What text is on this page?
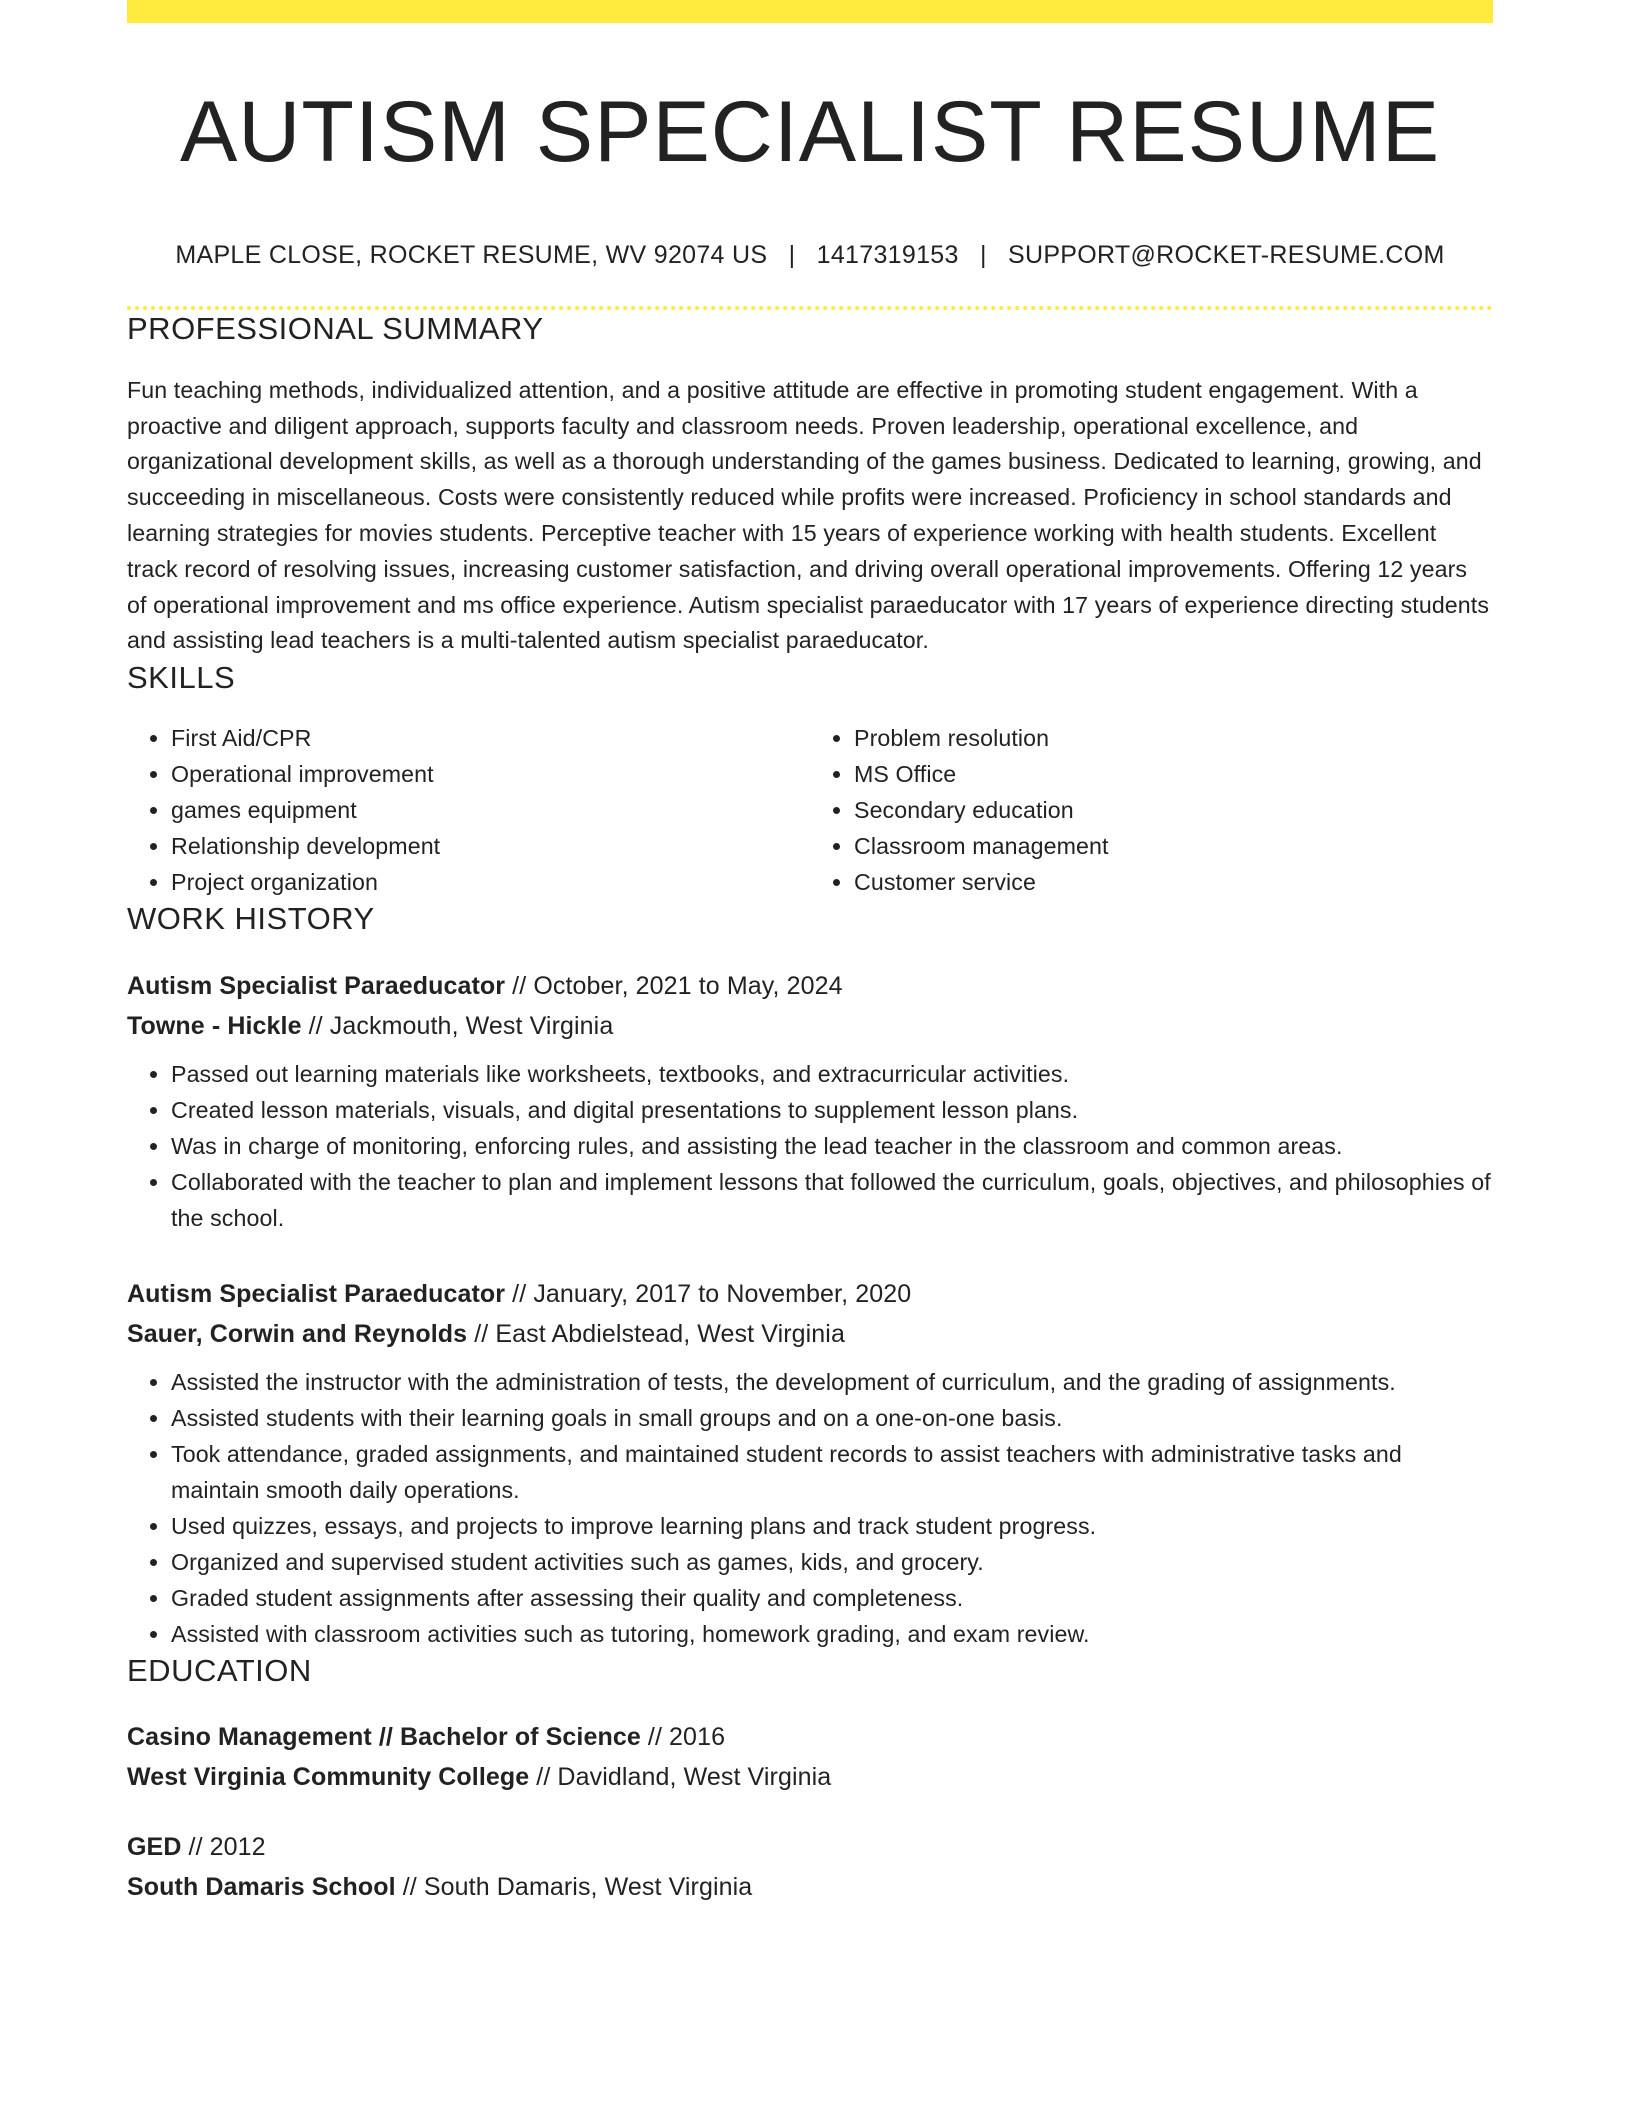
AUTISM SPECIALIST RESUME
MAPLE CLOSE, ROCKET RESUME, WV 92074 US | 1417319153 | SUPPORT@ROCKET-RESUME.COM
PROFESSIONAL SUMMARY

Fun teaching methods, individualized attention, and a positive attitude are effective in promoting student engagement. With a proactive and diligent approach, supports faculty and classroom needs. Proven leadership, operational excellence, and organizational development skills, as well as a thorough understanding of the games business. Dedicated to learning, growing, and succeeding in miscellaneous. Costs were consistently reduced while profits were increased. Proficiency in school standards and learning strategies for movies students. Perceptive teacher with 15 years of experience working with health students. Excellent track record of resolving issues, increasing customer satisfaction, and driving overall operational improvements. Offering 12 years of operational improvement and ms office experience. Autism specialist paraeducator with 17 years of experience directing students and assisting lead teachers is a multi-talented autism specialist paraeducator.

SKILLS
• First Aid/CPR
• Operational improvement
• games equipment
• Relationship development
• Project organization
• Problem resolution
• MS Office
• Secondary education
• Classroom management
• Customer service
WORK HISTORY
Autism Specialist Paraeducator // October, 2021 to May, 2024
Towne - Hickle // Jackmouth, West Virginia
• Passed out learning materials like worksheets, textbooks, and extracurricular activities.
• Created lesson materials, visuals, and digital presentations to supplement lesson plans.
• Was in charge of monitoring, enforcing rules, and assisting the lead teacher in the classroom and common areas.
• Collaborated with the teacher to plan and implement lessons that followed the curriculum, goals, objectives, and philosophies of the school.
Autism Specialist Paraeducator // January, 2017 to November, 2020
Sauer, Corwin and Reynolds // East Abdielstead, West Virginia
• Assisted the instructor with the administration of tests, the development of curriculum, and the grading of assignments.
• Assisted students with their learning goals in small groups and on a one-on-one basis.
• Took attendance, graded assignments, and maintained student records to assist teachers with administrative tasks and maintain smooth daily operations.
• Used quizzes, essays, and projects to improve learning plans and track student progress.
• Organized and supervised student activities such as games, kids, and grocery.
• Graded student assignments after assessing their quality and completeness.
• Assisted with classroom activities such as tutoring, homework grading, and exam review.
EDUCATION
Casino Management // Bachelor of Science // 2016
West Virginia Community College // Davidland, West Virginia
GED // 2012
South Damaris School // South Damaris, West Virginia
